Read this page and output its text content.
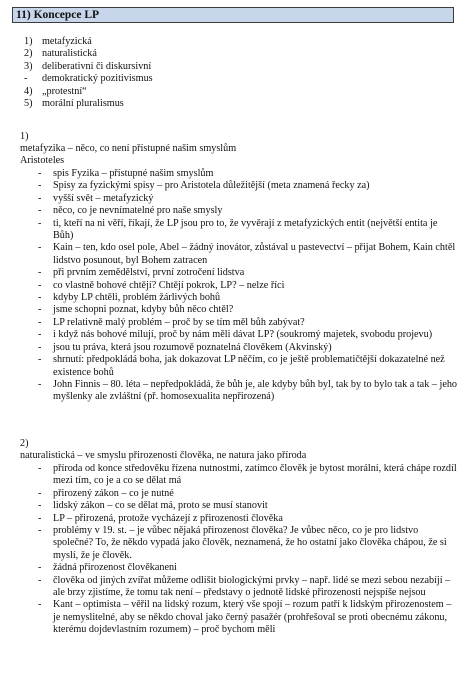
11) Koncepce LP
1) metafyzická
2) naturalistická
3) deliberativní či diskursivní
-	demokratický pozitivismus
4) „protestní“
5) morální pluralismus
1)
metafyzika – něco, co není přístupné našim smyslům
Aristoteles
-	spis Fyzika – přístupné našim smyslům
-	Spisy za fyzickými spisy – pro Aristotela důležitější (meta znamená řecky za)
-	vyšší svět – metafyzický
-	něco, co je nevnímatelné pro naše smysly
-	ti, kteří na ni věří, říkají, že LP jsou pro to, že vyvěrají z metafyzických entit (největší entita je Bůh)
-	Kain – ten, kdo osel pole, Abel – žádný inovátor, zůstával u pastevectví – přijat Bohem, Kain chtěl lidstvo posunout, byl Bohem zatracen
-	při prvním zemědělství, první zotročení lidstva
-	co vlastně bohové chtějí? Chtějí pokrok, LP? – nelze říci
-	kdyby LP chtěli, problém žárlivých bohů
-	jsme schopni poznat, kdyby bůh něco chtěl?
-	LP relativně malý problém – proč by se tím měl bůh zabývat?
-	i když nás bohové milují, proč by nám měli dávat LP? (soukromý majetek, svobodu projevu)
-	jsou tu práva, která jsou rozumově poznatelná člověkem (Akvinský)
-	shrnutí: předpokládá boha, jak dokazovat LP něčím, co je ještě problematičtější dokazatelné než existence bohů
-	John Finnis – 80. léta – nepředpokládá, že bůh je, ale kdyby bůh byl, tak by to bylo tak a tak – jeho myšlenky ale zvláštní (př. homosexualita nepřirozená)
2)
naturalistická – ve smyslu přirozenosti člověka, ne natura jako příroda
-	příroda od konce středověku řízena nutnostmi, zatímco člověk je bytost morální, která chápe rozdíl mezi tím, co je a co se dělat má
-	přirozený zákon – co je nutné
-	lidský zákon – co se dělat má, proto se musí stanovit
-	LP – přirozená, protože vycházejí z přirozenosti člověka
-	problémy v 19. st. – je vůbec nějaká přirozenost člověka? Je vůbec něco, co je pro lidstvo společné? To, že někdo vypadá jako člověk, neznamená, že ho ostatní jako člověka chápou, že si myslí, že je člověk.
-	žádná přirozenost člověkaneni
-	člověka od jiných zvířat můžeme odlišit biologickými prvky – např. lidé se mezi sebou nezabíjí – ale brzy zjistíme, že tomu tak není – představy o jednotě lidské přirozenosti nejspíše nejsou
-	Kant – optimista – věřil na lidský rozum, který vše spojí – rozum patří k lidským přirozenostem – je nemyslitelné, aby se někdo choval jako černý pasažér (prohřešoval se proti obecnému zákonu, kterému dojdevlastním rozumem) – proč bychom měli
